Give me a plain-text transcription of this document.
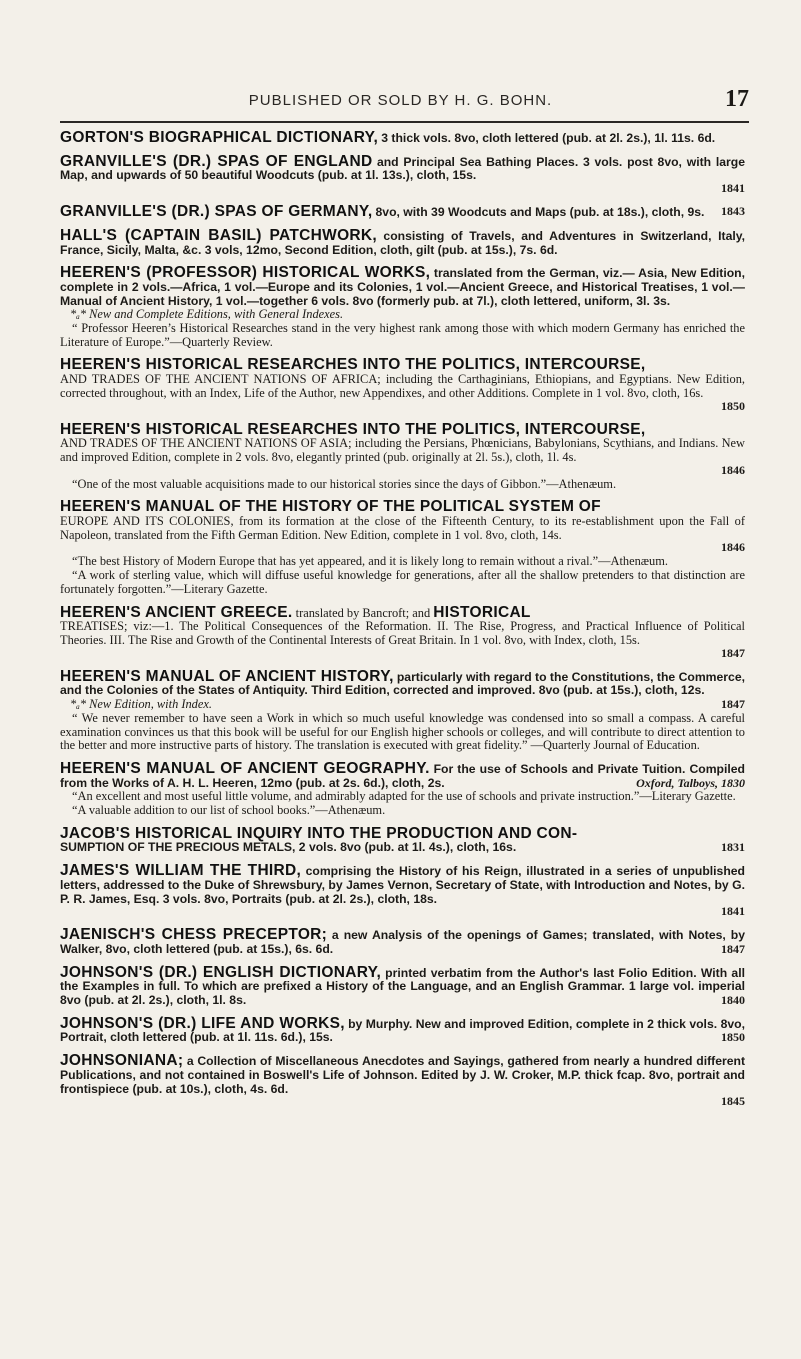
PUBLISHED OR SOLD BY H. G. BOHN.	17

GORTON'S BIOGRAPHICAL DICTIONARY, 3 thick vols. 8vo, cloth lettered (pub. at 2l. 2s.), 1l. 11s. 6d.

GRANVILLE'S (DR.) SPAS OF ENGLAND and Principal Sea Bathing Places. 3 vols. post 8vo, with large Map, and upwards of 50 beautiful Woodcuts (pub. at 1l. 13s.), cloth, 15s.

1841

GRANVILLE'S (DR.) SPAS OF GERMANY, 8vo, with 39 Woodcuts and Maps (pub. at 18s.), cloth, 9s. 1843

HALL'S (CAPTAIN BASIL) PATCHWORK, consisting of Travels, and Adventures in Switzerland, Italy, France, Sicily, Malta, &c. 3 vols, 12mo, Second Edition, cloth, gilt (pub. at 15s.), 7s. 6d.

HEEREN'S (PROFESSOR) HISTORICAL WORKS, translated from the German, viz.— Asia, New Edition, complete in 2 vols.—Africa, 1 vol.—Europe and its Colonies, 1 vol.—Ancient Greece, and Historical Treatises, 1 vol.—Manual of Ancient History, 1 vol.—together 6 vols. 8vo (formerly pub. at 7l.), cloth lettered, uniform, 3l. 3s.

*ₐ* New and Complete Editions, with General Indexes.

“ Professor Heeren’s Historical Researches stand in the very highest rank among those with which modern Germany has enriched the Literature of Europe.”—Quarterly Review.

HEEREN'S HISTORICAL RESEARCHES INTO THE POLITICS, INTERCOURSE,

AND TRADES OF THE ANCIENT NATIONS OF AFRICA; including the Carthaginians, Ethiopians, and Egyptians. New Edition, corrected throughout, with an Index, Life of the Author, new Appendixes, and other Additions. Complete in 1 vol. 8vo, cloth, 16s.

1850

HEEREN'S HISTORICAL RESEARCHES INTO THE POLITICS, INTERCOURSE,

AND TRADES OF THE ANCIENT NATIONS OF ASIA; including the Persians, Phœnicians, Babylonians, Scythians, and Indians. New and improved Edition, complete in 2 vols. 8vo, elegantly printed (pub. originally at 2l. 5s.), cloth, 1l. 4s.

1846

“One of the most valuable acquisitions made to our historical stories since the days of Gibbon.”—Athenæum.

HEEREN'S MANUAL OF THE HISTORY OF THE POLITICAL SYSTEM OF

EUROPE AND ITS COLONIES, from its formation at the close of the Fifteenth Century, to its re-establishment upon the Fall of Napoleon, translated from the Fifth German Edition. New Edition, complete in 1 vol. 8vo, cloth, 14s.

1846

“The best History of Modern Europe that has yet appeared, and it is likely long to remain without a rival.”—Athenæum.

“A work of sterling value, which will diffuse useful knowledge for generations, after all the shallow pretenders to that distinction are fortunately forgotten.”—Literary Gazette.

HEEREN'S ANCIENT GREECE. translated by Bancroft; and HISTORICAL

TREATISES; viz:—1. The Political Consequences of the Reformation. II. The Rise, Progress, and Practical Influence of Political Theories. III. The Rise and Growth of the Continental Interests of Great Britain. In 1 vol. 8vo, with Index, cloth, 15s.

1847

HEEREN'S MANUAL OF ANCIENT HISTORY, particularly with regard to the Constitutions, the Commerce, and the Colonies of the States of Antiquity. Third Edition, corrected and improved. 8vo (pub. at 15s.), cloth, 12s.

*ₐ* New Edition, with Index.	1847

“ We never remember to have seen a Work in which so much useful knowledge was condensed into so small a compass. A careful examination convinces us that this book will be useful for our English higher schools or colleges, and will contribute to direct attention to the better and more instructive parts of history. The translation is executed with great fidelity.” —Quarterly Journal of Education.

HEEREN'S MANUAL OF ANCIENT GEOGRAPHY. For the use of Schools and Private Tuition. Compiled from the Works of A. H. L. Heeren, 12mo (pub. at 2s. 6d.), cloth, 2s.	Oxford, Talboys, 1830

“An excellent and most useful little volume, and admirably adapted for the use of schools and private instruction.”—Literary Gazette.

“A valuable addition to our list of school books.”—Athenæum.

JACOB'S HISTORICAL INQUIRY INTO THE PRODUCTION AND CON-

SUMPTION OF THE PRECIOUS METALS, 2 vols. 8vo (pub. at 1l. 4s.), cloth, 16s.	1831

JAMES'S WILLIAM THE THIRD, comprising the History of his Reign, illustrated in a series of unpublished letters, addressed to the Duke of Shrewsbury, by James Vernon, Secretary of State, with Introduction and Notes, by G. P. R. James, Esq. 3 vols. 8vo, Portraits (pub. at 2l. 2s.), cloth, 18s.

1841

JAENISCH'S CHESS PRECEPTOR; a new Analysis of the openings of Games; translated, with Notes, by Walker, 8vo, cloth lettered (pub. at 15s.), 6s. 6d.	1847

JOHNSON'S (DR.) ENGLISH DICTIONARY, printed verbatim from the Author's last Folio Edition. With all the Examples in full. To which are prefixed a History of the Language, and an English Grammar. 1 large vol. imperial 8vo (pub. at 2l. 2s.), cloth, 1l. 8s.	1840

JOHNSON'S (DR.) LIFE AND WORKS, by Murphy. New and improved Edition, complete in 2 thick vols. 8vo, Portrait, cloth lettered (pub. at 1l. 11s. 6d.), 15s.	1850

JOHNSONIANA; a Collection of Miscellaneous Anecdotes and Sayings, gathered from nearly a hundred different Publications, and not contained in Boswell's Life of Johnson. Edited by J. W. Croker, M.P. thick fcap. 8vo, portrait and frontispiece (pub. at 10s.), cloth, 4s. 6d.

1845
